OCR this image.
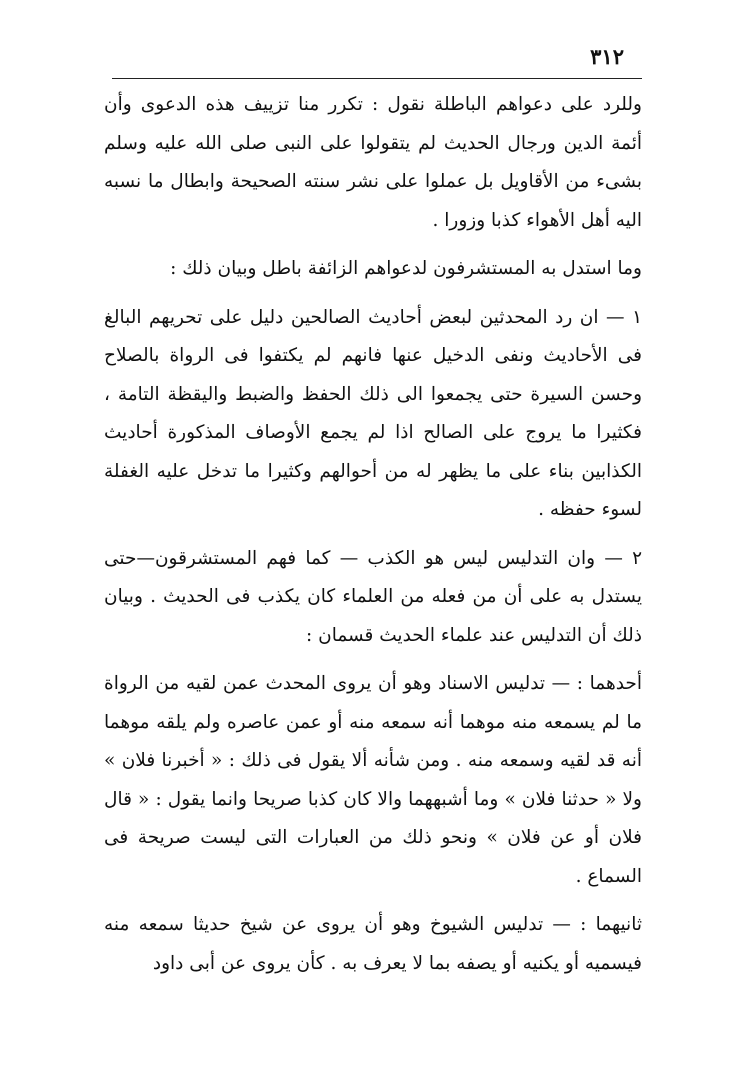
٣١٢

وللرد على دعواهم الباطلة نقول : تكرر منا تزييف هذه الدعوى وأن أئمة الدين ورجال الحديث لم يتقولوا على النبى صلى الله عليه وسلم بشىء من الأقاويل بل عملوا على نشر سنته الصحيحة وابطال ما نسبه اليه أهل الأهواء كذبا وزورا .

وما استدل به المستشرفون لدعواهم الزائفة باطل وبيان ذلك :

١ — ان رد المحدثين لبعض أحاديث الصالحين دليل على تحريهم البالغ فى الأحاديث ونفى الدخيل عنها فانهم لم يكتفوا فى الرواة بالصلاح وحسن السيرة حتى يجمعوا الى ذلك الحفظ والضبط واليقظة التامة ، فكثيرا ما يروج على الصالح اذا لم يجمع الأوصاف المذكورة أحاديث الكذابين بناء على ما يظهر له من أحوالهم وكثيرا ما تدخل عليه الغفلة لسوء حفظه .

٢ — وان التدليس ليس هو الكذب — كما فهم المستشرقون—حتى يستدل به على أن من فعله من العلماء كان يكذب فى الحديث . وبيان ذلك أن التدليس عند علماء الحديث قسمان :

أحدهما : — تدليس الاسناد وهو أن يروى المحدث عمن لقيه من الرواة ما لم يسمعه منه موهما أنه سمعه منه أو عمن عاصره ولم يلقه موهما أنه قد لقيه وسمعه منه . ومن شأنه ألا يقول فى ذلك : « أخبرنا فلان » ولا « حدثنا فلان » وما أشبههما والا كان كذبا صريحا وانما يقول : « قال فلان أو عن فلان » ونحو ذلك من العبارات التى ليست صريحة فى السماع .

ثانيهما : — تدليس الشيوخ وهو أن يروى عن شيخ حديثا سمعه منه فيسميه أو يكنيه أو يصفه بما لا يعرف به . كأن يروى عن أبى داود
